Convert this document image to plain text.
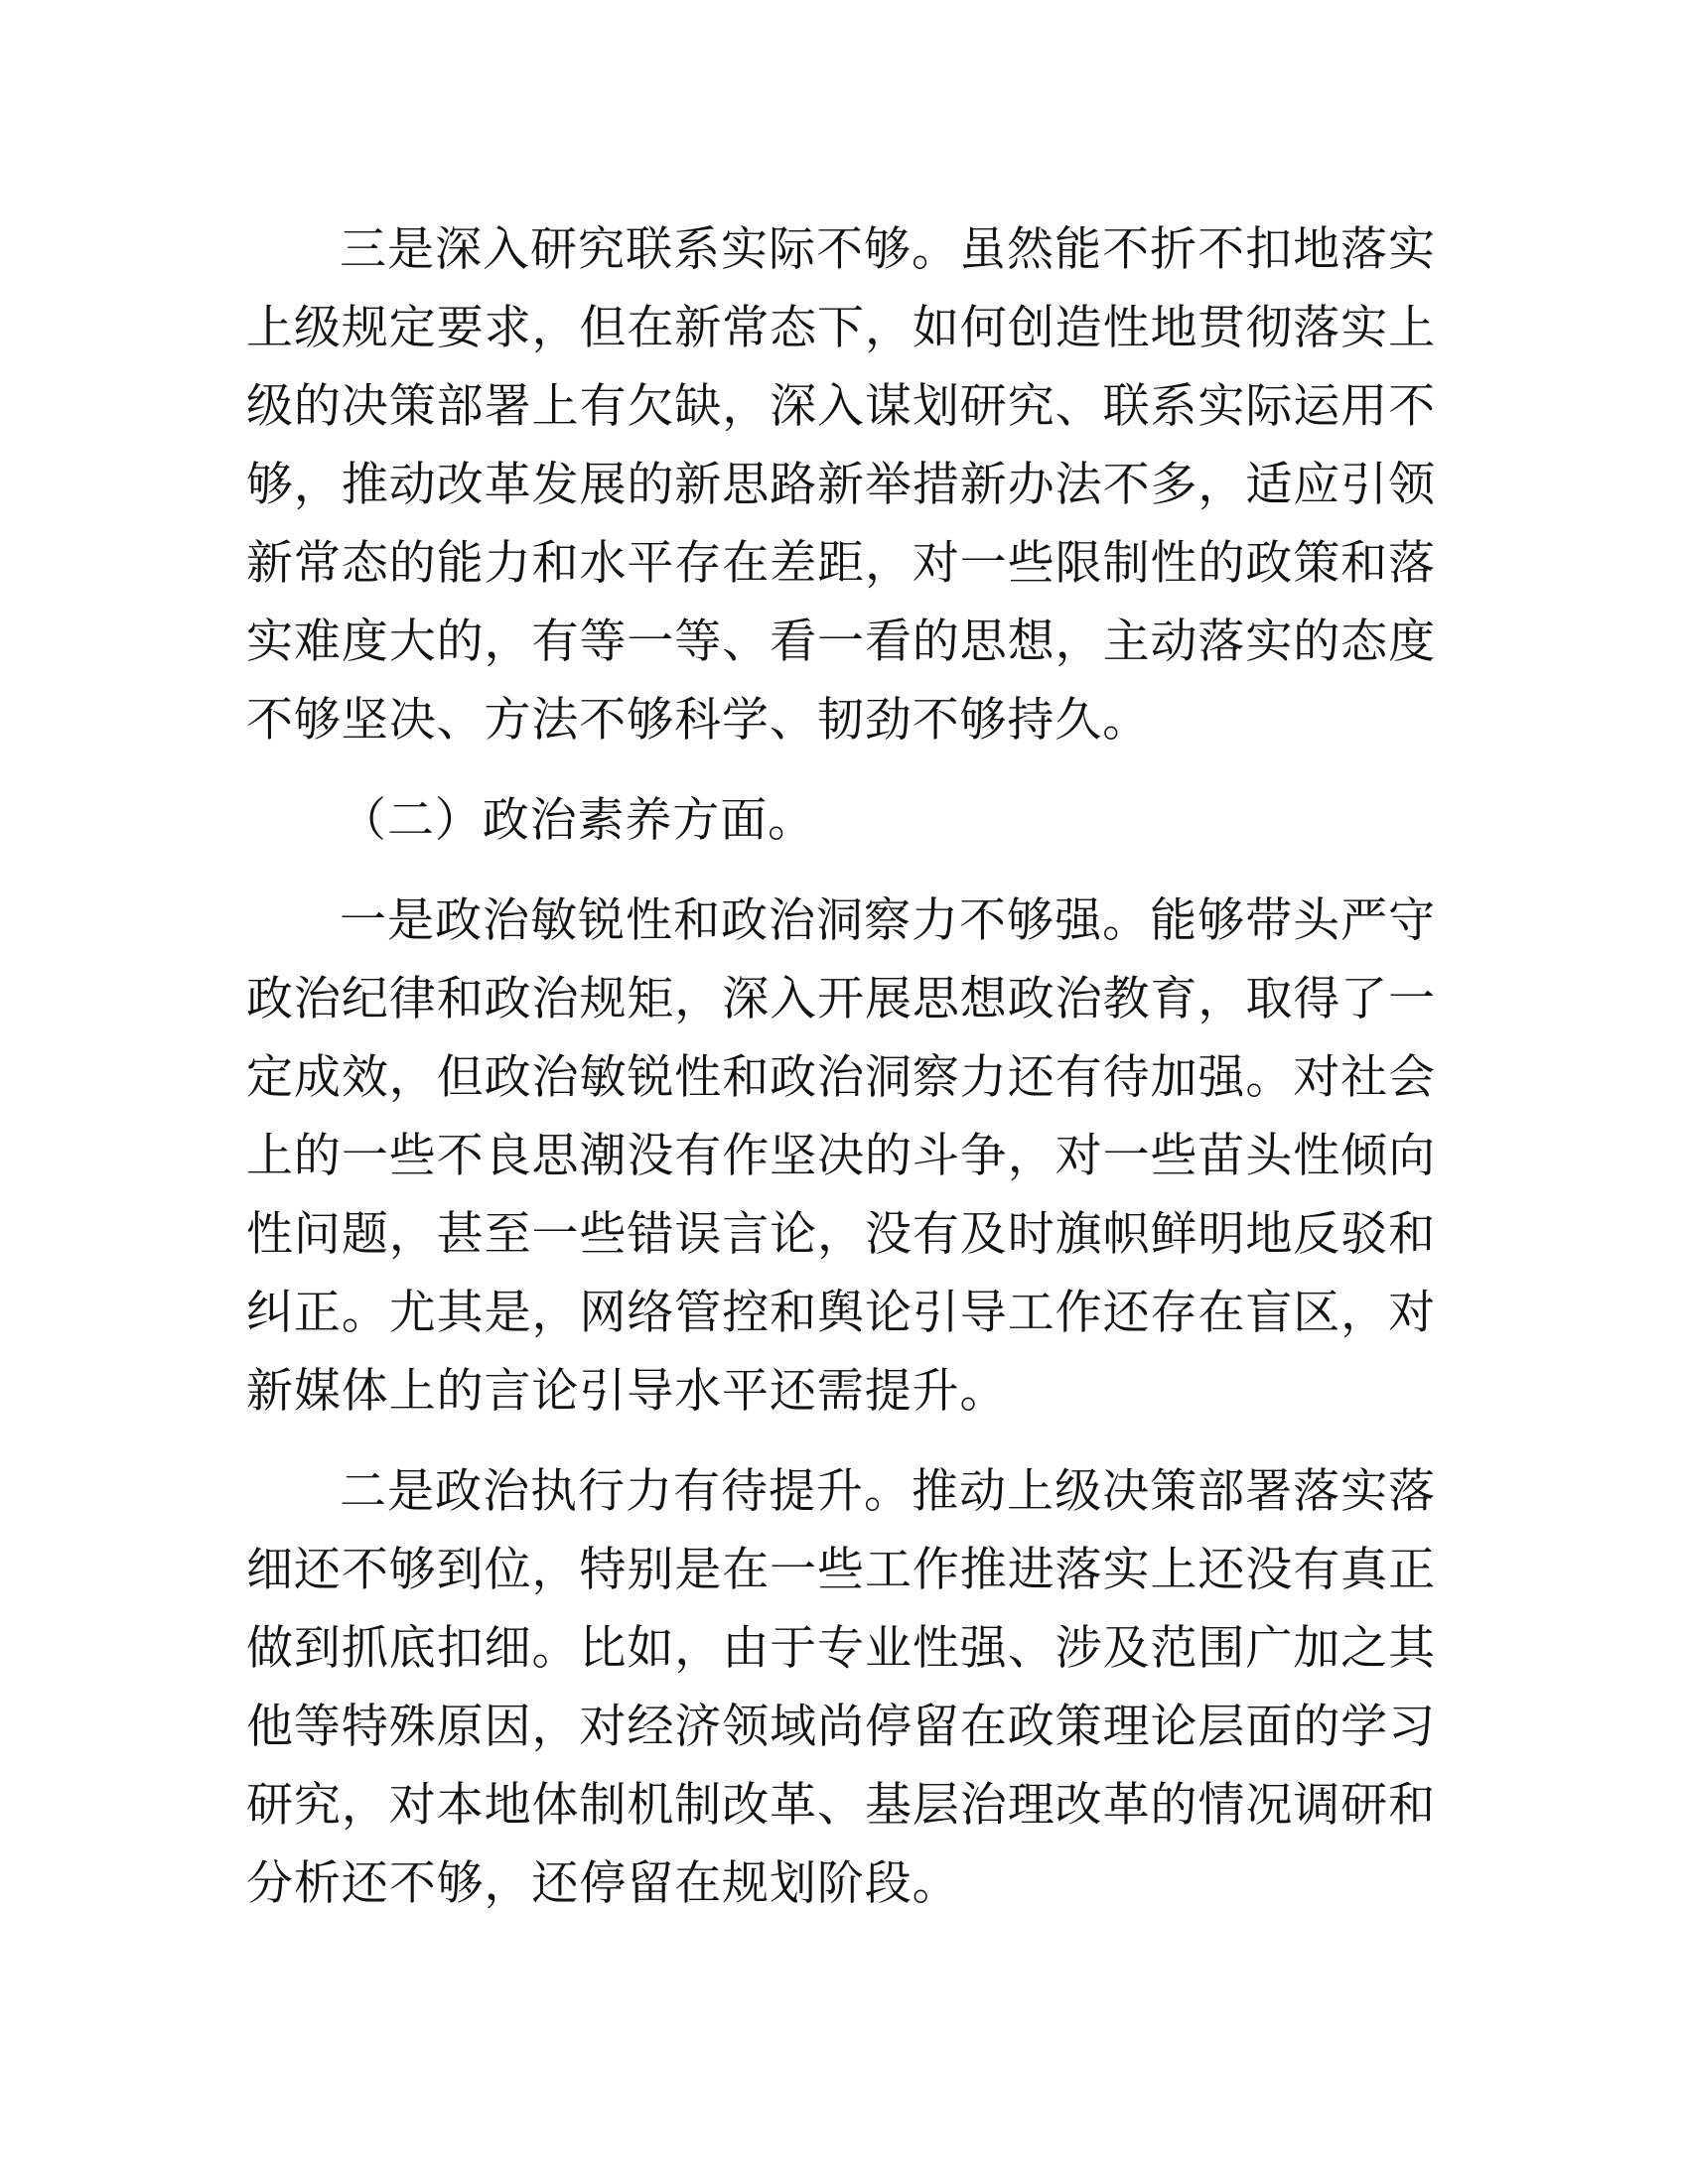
三是深入研究联系实际不够。虽然能不折不扣地落实上级规定要求，但在新常态下，如何创造性地贯彻落实上级的决策部署上有欠缺，深入谋划研究、联系实际运用不够，推动改革发展的新思路新举措新办法不多，适应引领新常态的能力和水平存在差距，对一些限制性的政策和落实难度大的，有等一等、看一看的思想，主动落实的态度不够坚决、方法不够科学、韧劲不够持久。

（二）政治素养方面。

一是政治敏锐性和政治洞察力不够强。能够带头严守政治纪律和政治规矩，深入开展思想政治教育，取得了一定成效，但政治敏锐性和政治洞察力还有待加强。对社会上的一些不良思潮没有作坚决的斗争，对一些苗头性倾向性问题，甚至一些错误言论，没有及时旗帜鲜明地反驳和纠正。尤其是，网络管控和舆论引导工作还存在盲区，对新媒体上的言论引导水平还需提升。

二是政治执行力有待提升。推动上级决策部署落实落细还不够到位，特别是在一些工作推进落实上还没有真正做到抓底扣细。比如，由于专业性强、涉及范围广加之其他等特殊原因，对经济领域尚停留在政策理论层面的学习研究，对本地体制机制改革、基层治理改革的情况调研和分析还不够，还停留在规划阶段。
